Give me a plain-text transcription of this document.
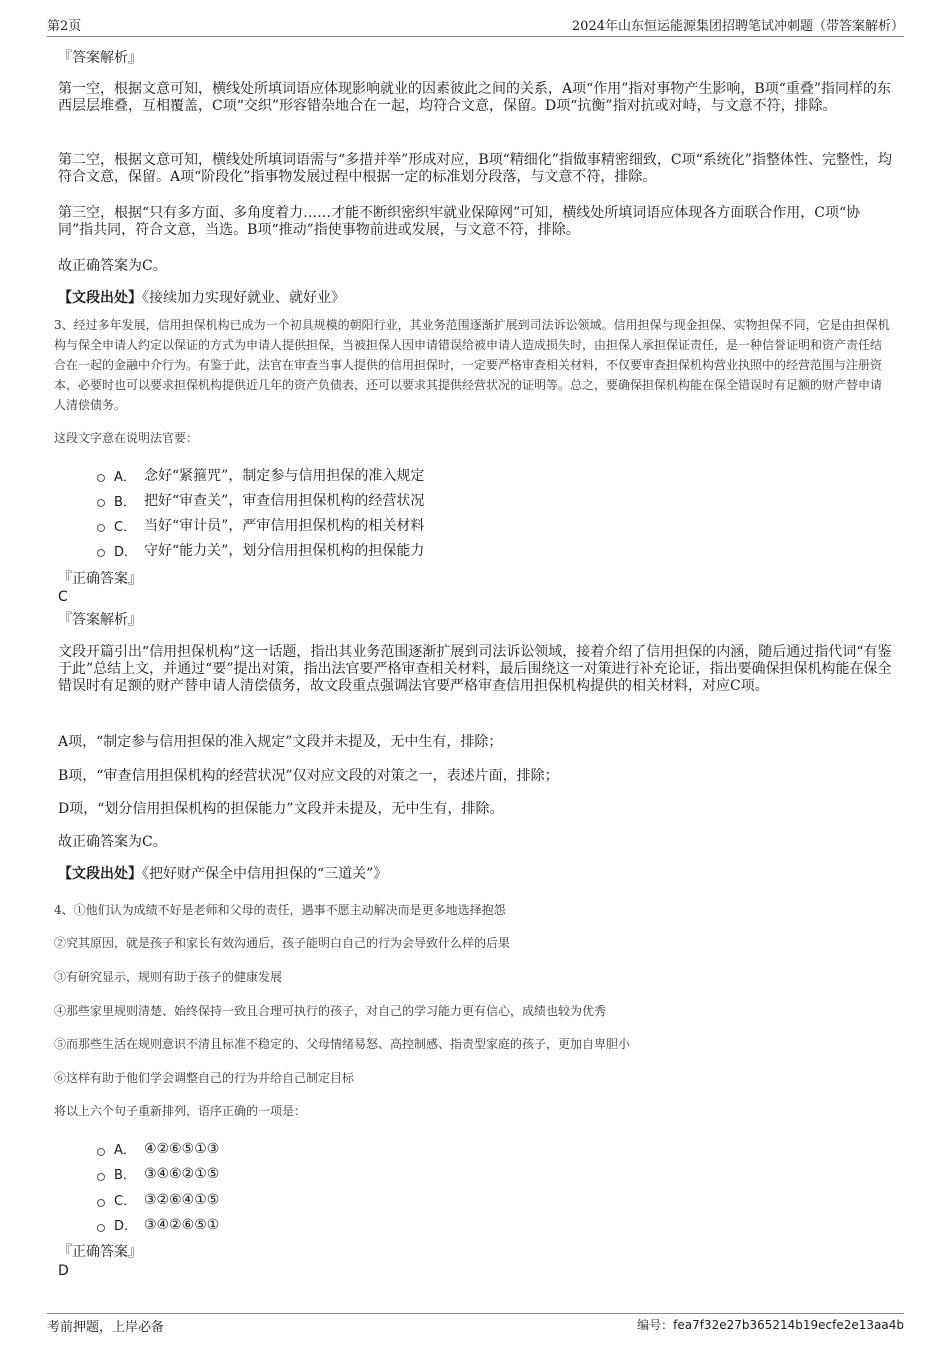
第2页	2024年山东恒运能源集团招聘笔试冲刺题（带答案解析）
『答案解析』

第一空，根据文意可知，横线处所填词语应体现影响就业的因素彼此之间的关系，A项“作用”指对事物产生影响，B项“重叠”指同样的东西层层堆叠，互相覆盖，C项“交织”形容错杂地合在一起，均符合文意，保留。D项“抗衡”指对抗或对峙，与文意不符，排除。

第二空，根据文意可知，横线处所填词语需与“多措并举”形成对应，B项“精细化”指做事精密细致，C项“系统化”指整体性、完整性，均符合文意，保留。A项“阶段化”指事物发展过程中根据一定的标准划分段落，与文意不符，排除。

第三空，根据“只有多方面、多角度着力……才能不断织密织牢就业保障网”可知，横线处所填词语应体现各方面联合作用，C项“协同”指共同，符合文意，当选。B项“推动”指使事物前进或发展，与文意不符，排除。

故正确答案为C。

【文段出处】《接续加力实现好就业、就好业》

3、经过多年发展，信用担保机构已成为一个初具规模的朝阳行业，其业务范围逐渐扩展到司法诉讼领域。信用担保与现金担保、实物担保不同，它是由担保机构与保全申请人约定以保证的方式为申请人提供担保，当被担保人因申请错误给被申请人造成损失时，由担保人承担保证责任，是一种信誉证明和资产责任结合在一起的金融中介行为。有鉴于此，法官在审查当事人提供的信用担保时，一定要严格审查相关材料，不仅要审查担保机构营业执照中的经营范围与注册资本，必要时也可以要求担保机构提供近几年的资产负债表，还可以要求其提供经营状况的证明等。总之，要确保担保机构能在保全错误时有足额的财产替申请人清偿债务。

这段文字意在说明法官要：

A． 念好“紧箍咒”，制定参与信用担保的准入规定
B． 把好“审查关”，审查信用担保机构的经营状况
C． 当好“审计员”，严审信用担保机构的相关材料
D． 守好“能力关”，划分信用担保机构的担保能力
『正确答案』
C
『答案解析』

文段开篇引出“信用担保机构”这一话题，指出其业务范围逐渐扩展到司法诉讼领域，接着介绍了信用担保的内涵，随后通过指代词“有鉴于此”总结上文，并通过“要”提出对策，指出法官要严格审查相关材料，最后围绕这一对策进行补充论证，指出要确保担保机构能在保全错误时有足额的财产替申请人清偿债务，故文段重点强调法官要严格审查信用担保机构提供的相关材料，对应C项。

A项，“制定参与信用担保的准入规定”文段并未提及，无中生有，排除；

B项，“审查信用担保机构的经营状况”仅对应文段的对策之一，表述片面，排除；

D项，“划分信用担保机构的担保能力”文段并未提及，无中生有，排除。

故正确答案为C。

【文段出处】《把好财产保全中信用担保的“三道关”》

4、①他们认为成绩不好是老师和父母的责任，遇事不愿主动解决而是更多地选择抱怨

②究其原因，就是孩子和家长有效沟通后，孩子能明白自己的行为会导致什么样的后果

③有研究显示，规则有助于孩子的健康发展

④那些家里规则清楚、始终保持一致且合理可执行的孩子，对自己的学习能力更有信心，成绩也较为优秀

⑤而那些生活在规则意识不清且标准不稳定的、父母情绪易怒、高控制感、指责型家庭的孩子，更加自卑胆小

⑥这样有助于他们学会调整自己的行为并给自己制定目标

将以上六个句子重新排列，语序正确的一项是：

A． ④②⑥⑤①③
B． ③④⑥②①⑤
C． ③②⑥④①⑤
D． ③④②⑥⑤①
『正确答案』
D
考前押题，上岸必备	编号：fea7f32e27b365214b19ecfe2e13aa4b
